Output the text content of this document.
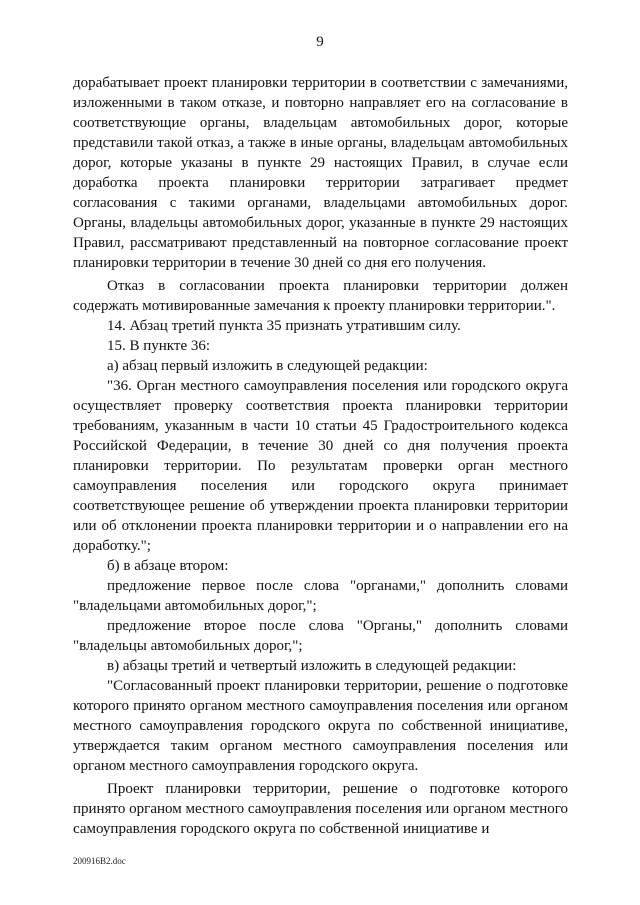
9

дорабатывает проект планировки территории в соответствии с замечаниями, изложенными в таком отказе, и повторно направляет его на согласование в соответствующие органы, владельцам автомобильных дорог, которые представили такой отказ, а также в иные органы, владельцам автомобильных дорог, которые указаны в пункте 29 настоящих Правил, в случае если доработка проекта планировки территории затрагивает предмет согласования с такими органами, владельцами автомобильных дорог. Органы, владельцы автомобильных дорог, указанные в пункте 29 настоящих Правил, рассматривают представленный на повторное согласование проект планировки территории в течение 30 дней со дня его получения.

Отказ в согласовании проекта планировки территории должен содержать мотивированные замечания к проекту планировки территории.".

14. Абзац третий пункта 35 признать утратившим силу.

15. В пункте 36:

а) абзац первый изложить в следующей редакции:

"36. Орган местного самоуправления поселения или городского округа осуществляет проверку соответствия проекта планировки территории требованиям, указанным в части 10 статьи 45 Градостроительного кодекса Российской Федерации, в течение 30 дней со дня получения проекта планировки территории. По результатам проверки орган местного самоуправления поселения или городского округа принимает соответствующее решение об утверждении проекта планировки территории или об отклонении проекта планировки территории и о направлении его на доработку.";

б) в абзаце втором:

предложение первое после слова "органами," дополнить словами "владельцами автомобильных дорог,";

предложение второе после слова "Органы," дополнить словами "владельцы автомобильных дорог,";

в) абзацы третий и четвертый изложить в следующей редакции:

"Согласованный проект планировки территории, решение о подготовке которого принято органом местного самоуправления поселения или органом местного самоуправления городского округа по собственной инициативе, утверждается таким органом местного самоуправления поселения или органом местного самоуправления городского округа.

Проект планировки территории, решение о подготовке которого принято органом местного самоуправления поселения или органом местного самоуправления городского округа по собственной инициативе и

200916B2.doc
